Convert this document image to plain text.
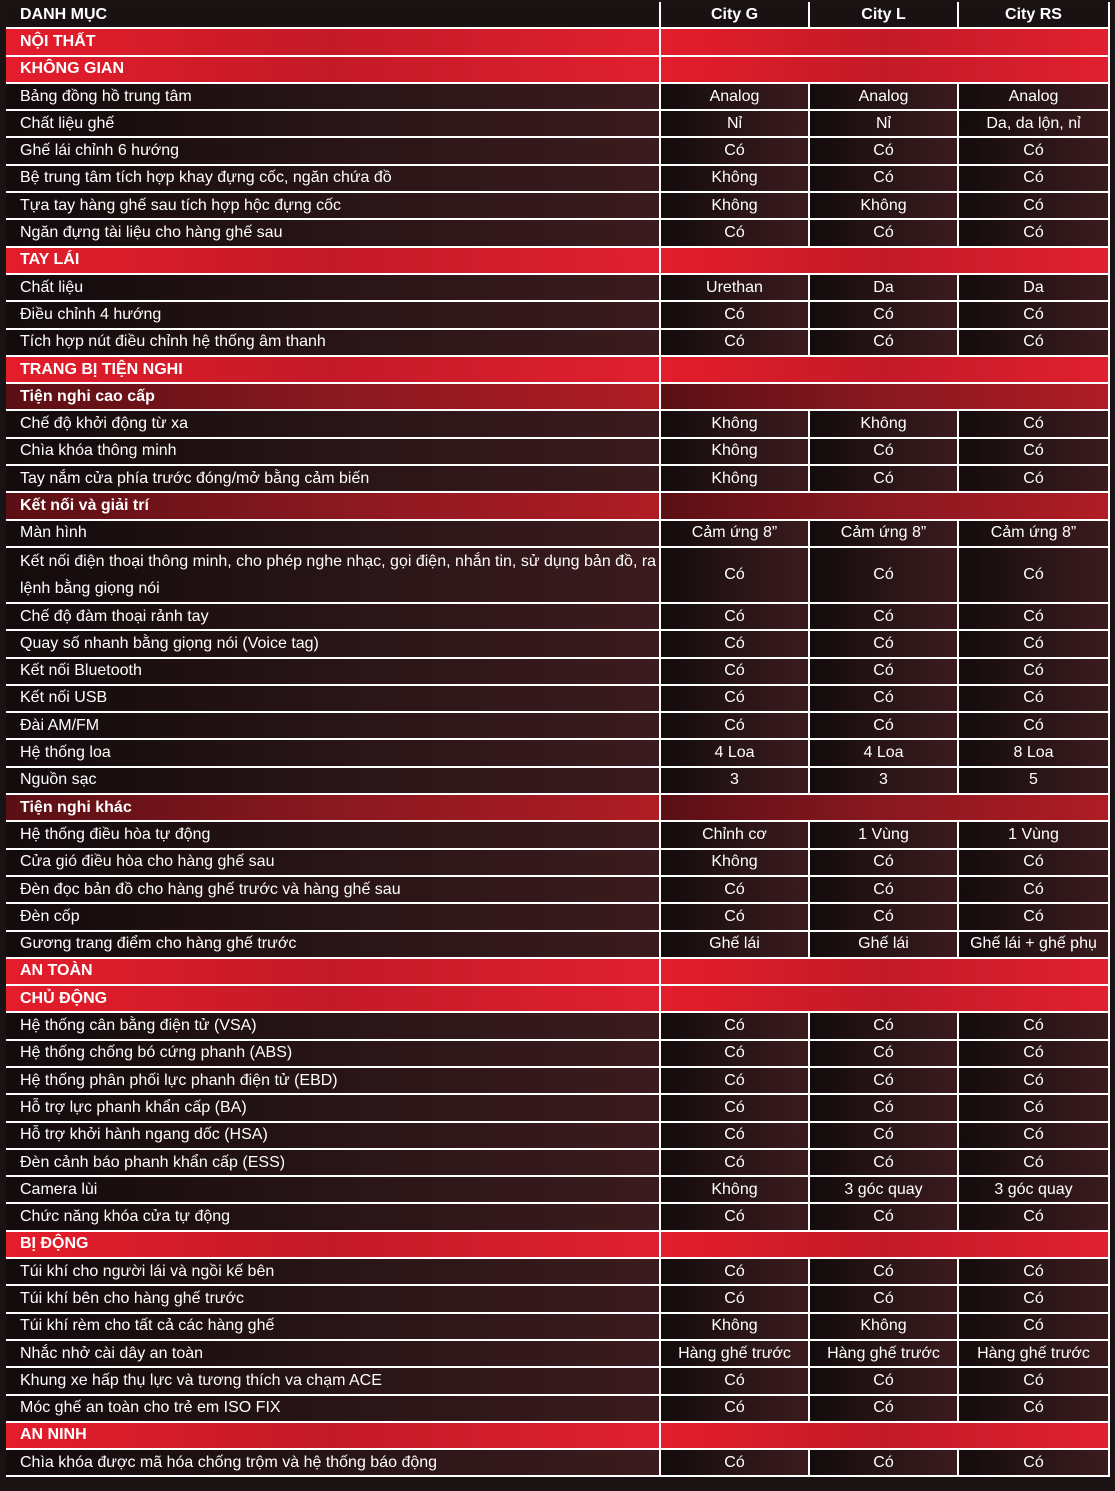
DANH MỤC	City G	City L	City RS
NỘI THẤT			
KHÔNG GIAN			
Bảng đồng hồ trung tâm	Analog	Analog	Analog
Chất liệu ghế	Nỉ	Nỉ	Da, da lộn, nỉ
Ghế lái chỉnh 6 hướng	Có	Có	Có
Bệ trung tâm tích hợp khay đựng cốc, ngăn chứa đồ	Không	Có	Có
Tựa tay hàng ghế sau tích hợp hộc đựng cốc	Không	Không	Có
Ngăn đựng tài liệu cho hàng ghế sau	Có	Có	Có
TAY LÁI			
Chất liệu	Urethan	Da	Da
Điều chỉnh 4 hướng	Có	Có	Có
Tích hợp nút điều chỉnh hệ thống âm thanh	Có	Có	Có
TRANG BỊ TIỆN NGHI			
Tiện nghi cao cấp			
Chế độ khởi động từ xa	Không	Không	Có
Chìa khóa thông minh	Không	Có	Có
Tay nắm cửa phía trước đóng/mở bằng cảm biến	Không	Có	Có
Kết nối và giải trí			
Màn hình	Cảm ứng 8”	Cảm ứng 8”	Cảm ứng 8”
Kết nối điện thoại thông minh, cho phép nghe nhạc, gọi điện, nhắn tin, sử dụng bản đồ, ra lệnh bằng giọng nói	Có	Có	Có
Chế độ đàm thoại rảnh tay	Có	Có	Có
Quay số nhanh bằng giọng nói (Voice tag)	Có	Có	Có
Kết nối Bluetooth	Có	Có	Có
Kết nối USB	Có	Có	Có
Đài AM/FM	Có	Có	Có
Hệ thống loa	4 Loa	4 Loa	8 Loa
Nguồn sạc	3	3	5
Tiện nghi khác			
Hệ thống điều hòa tự động	Chỉnh cơ	1 Vùng	1 Vùng
Cửa gió điều hòa cho hàng ghế sau	Không	Có	Có
Đèn đọc bản đồ cho hàng ghế trước và hàng ghế sau	Có	Có	Có
Đèn cốp	Có	Có	Có
Gương trang điểm cho hàng ghế trước	Ghế lái	Ghế lái	Ghế lái + ghế phụ
AN TOÀN			
CHỦ ĐỘNG			
Hệ thống cân bằng điện tử (VSA)	Có	Có	Có
Hệ thống chống bó cứng phanh (ABS)	Có	Có	Có
Hệ thống phân phối lực phanh điện tử (EBD)	Có	Có	Có
Hỗ trợ lực phanh khẩn cấp (BA)	Có	Có	Có
Hỗ trợ khởi hành ngang dốc (HSA)	Có	Có	Có
Đèn cảnh báo phanh khẩn cấp (ESS)	Có	Có	Có
Camera lùi	Không	3 góc quay	3 góc quay
Chức năng khóa cửa tự động	Có	Có	Có
BỊ ĐỘNG			
Túi khí cho người lái và ngồi kế bên	Có	Có	Có
Túi khí bên cho hàng ghế trước	Có	Có	Có
Túi khí rèm cho tất cả các hàng ghế	Không	Không	Có
Nhắc nhở cài dây an toàn	Hàng ghế trước	Hàng ghế trước	Hàng ghế trước
Khung xe hấp thụ lực và tương thích va chạm ACE	Có	Có	Có
Móc ghế an toàn cho trẻ em ISO FIX	Có	Có	Có
AN NINH			
Chìa khóa được mã hóa chống trộm và hệ thống báo động	Có	Có	Có
